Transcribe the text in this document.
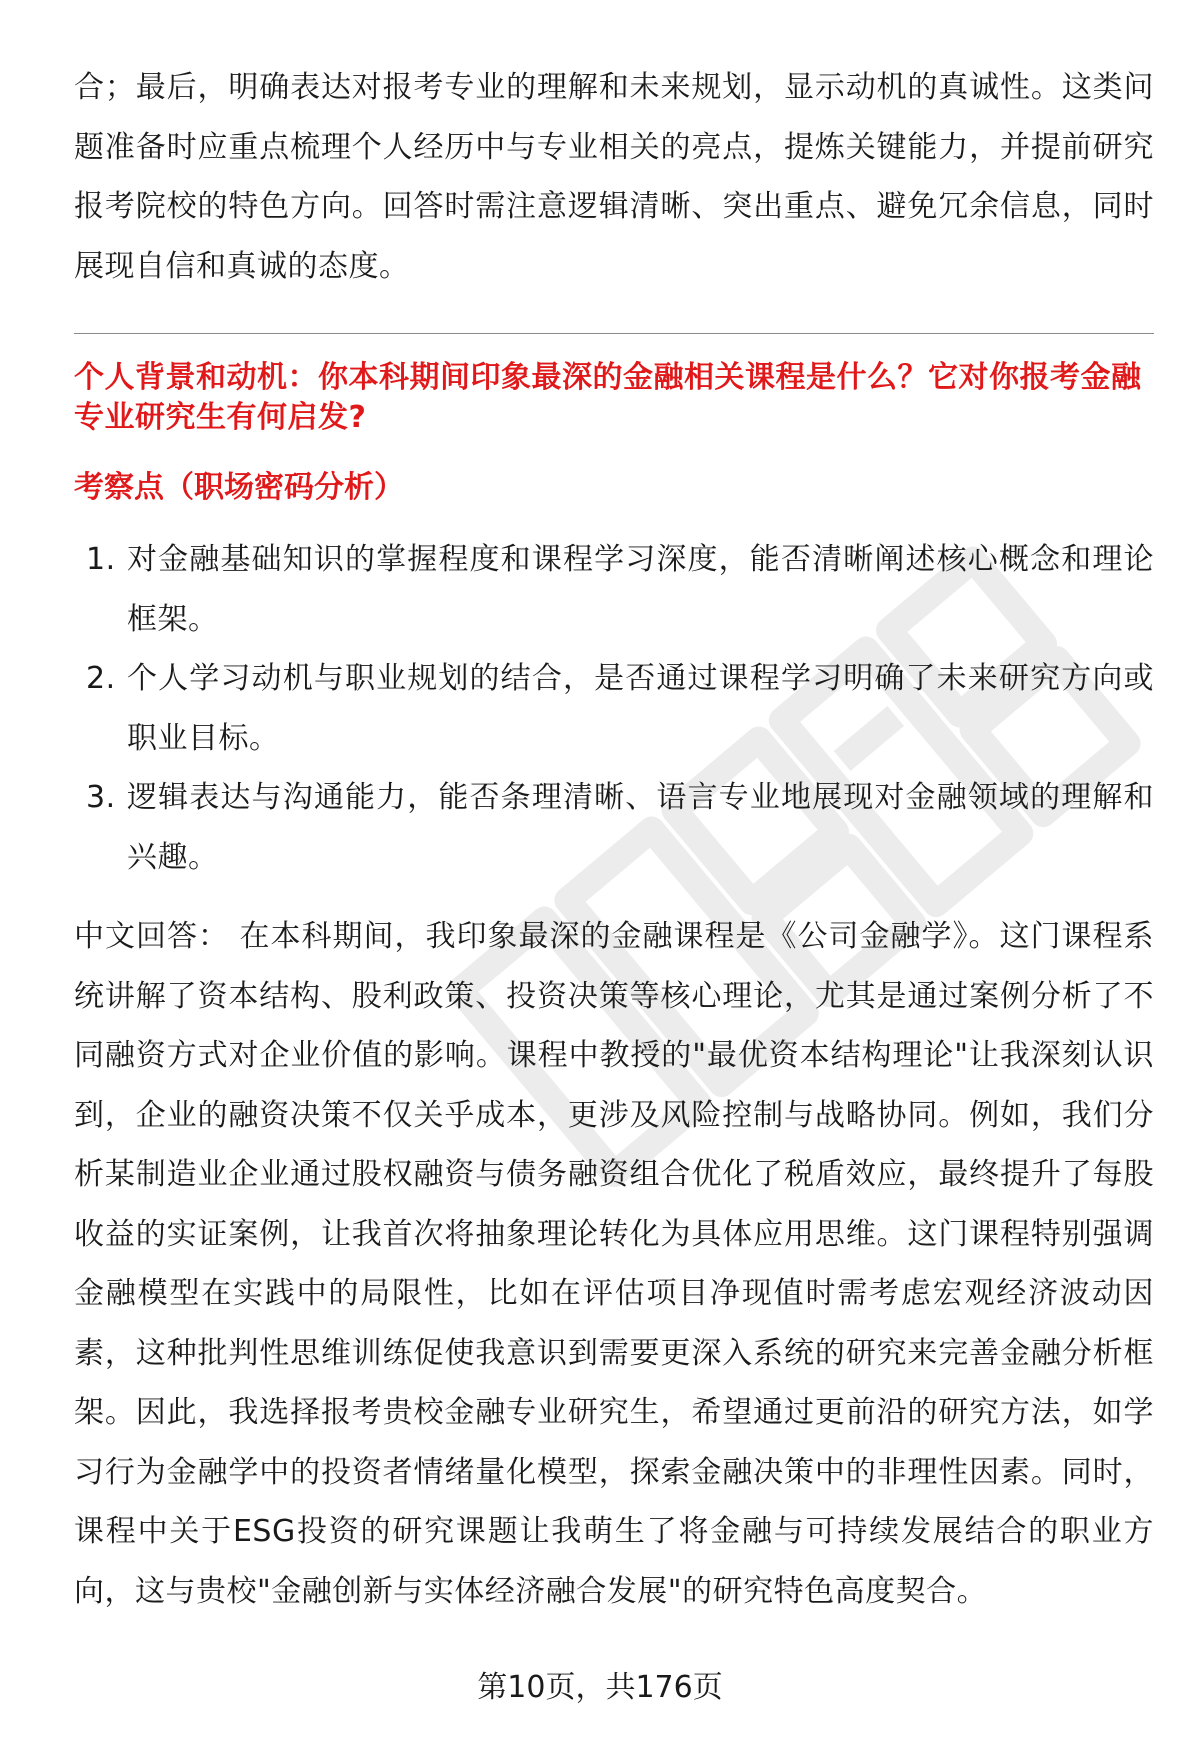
合；最后，明确表达对报考专业的理解和未来规划，显示动机的真诚性。这类问题准备时应重点梳理个人经历中与专业相关的亮点，提炼关键能力，并提前研究报考院校的特色方向。回答时需注意逻辑清晰、突出重点、避免冗余信息，同时展现自信和真诚的态度。

个人背景和动机：你本科期间印象最深的金融相关课程是什么？它对你报考金融专业研究生有何启发?
考察点（职场密码分析）
1. 对金融基础知识的掌握程度和课程学习深度，能否清晰阐述核心概念和理论框架。
2. 个人学习动机与职业规划的结合，是否通过课程学习明确了未来研究方向或职业目标。
3. 逻辑表达与沟通能力，能否条理清晰、语言专业地展现对金融领域的理解和兴趣。

中文回答： 在本科期间，我印象最深的金融课程是《公司金融学》。这门课程系统讲解了资本结构、股利政策、投资决策等核心理论，尤其是通过案例分析了不同融资方式对企业价值的影响。课程中教授的"最优资本结构理论"让我深刻认识到，企业的融资决策不仅关乎成本，更涉及风险控制与战略协同。例如，我们分析某制造业企业通过股权融资与债务融资组合优化了税盾效应，最终提升了每股收益的实证案例，让我首次将抽象理论转化为具体应用思维。这门课程特别强调金融模型在实践中的局限性，比如在评估项目净现值时需考虑宏观经济波动因素，这种批判性思维训练促使我意识到需要更深入系统的研究来完善金融分析框架。因此，我选择报考贵校金融专业研究生，希望通过更前沿的研究方法，如学习行为金融学中的投资者情绪量化模型，探索金融决策中的非理性因素。同时，课程中关于ESG投资的研究课题让我萌生了将金融与可持续发展结合的职业方向，这与贵校"金融创新与实体经济融合发展"的研究特色高度契合。

第10页，共176页
